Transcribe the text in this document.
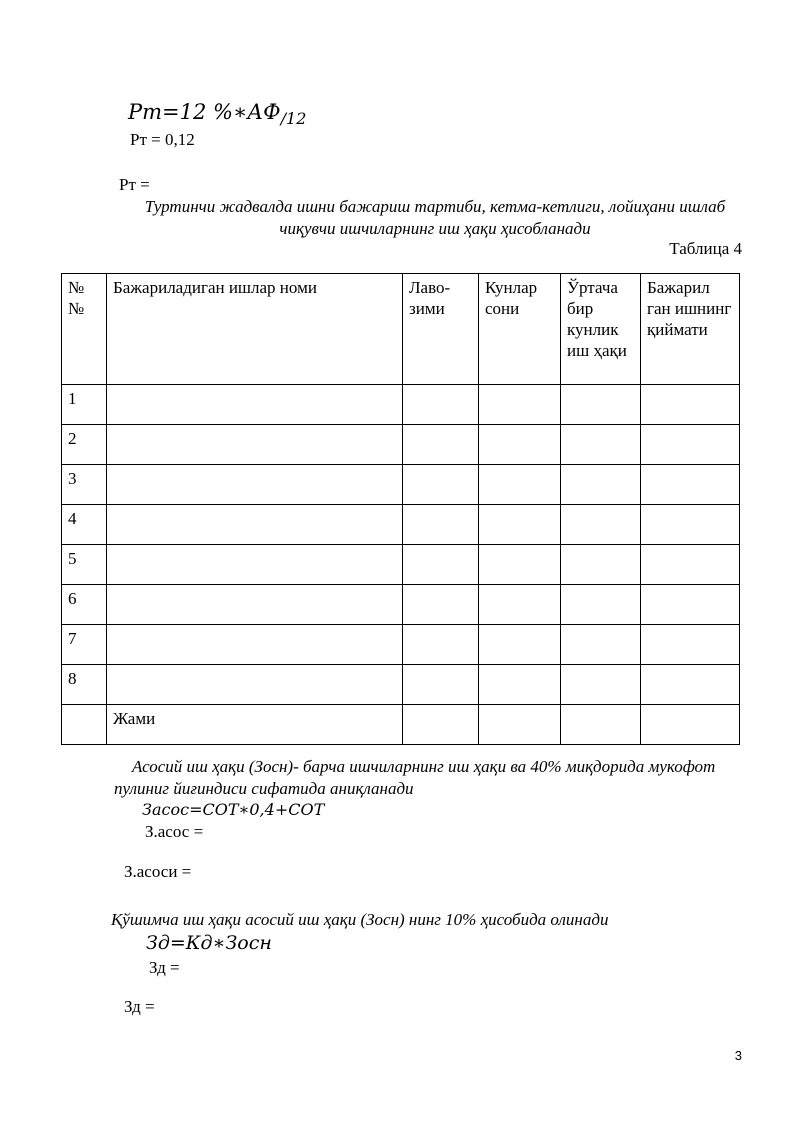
Рт=12 $\%∗АФ_{/12}$
Рт = 0,12
Рт =
Туртинчи жадвалда ишни бажариш тартиби, кетма-кетлиги, лойиҳани ишлаб чиқувчи ишчиларнинг иш ҳақи ҳисобланади
Таблица 4
№ №	Бажариладиган ишлар номи	Лаво-зими	Кунлар сони	Ўртача бир кунлик иш ҳақи	Бажарил ган ишнинг қиймати
1					
2					
3					
4					
5					
6					
7					
8					
	Жами				
Асосий иш ҳақи (Зосн)- барча ишчиларнинг иш ҳақи ва 40% миқдорида мукофот пулиниг йиғиндиси сифатида аниқланади
Засос=СОТ∗0,4+СОТ
З.асос =
З.асоси =
Қўшимча иш ҳақи асосий иш ҳақи (Зосн) нинг 10% ҳисобида олинади
Зд=Кд∗Зосн
Зд =
Зд =
3
